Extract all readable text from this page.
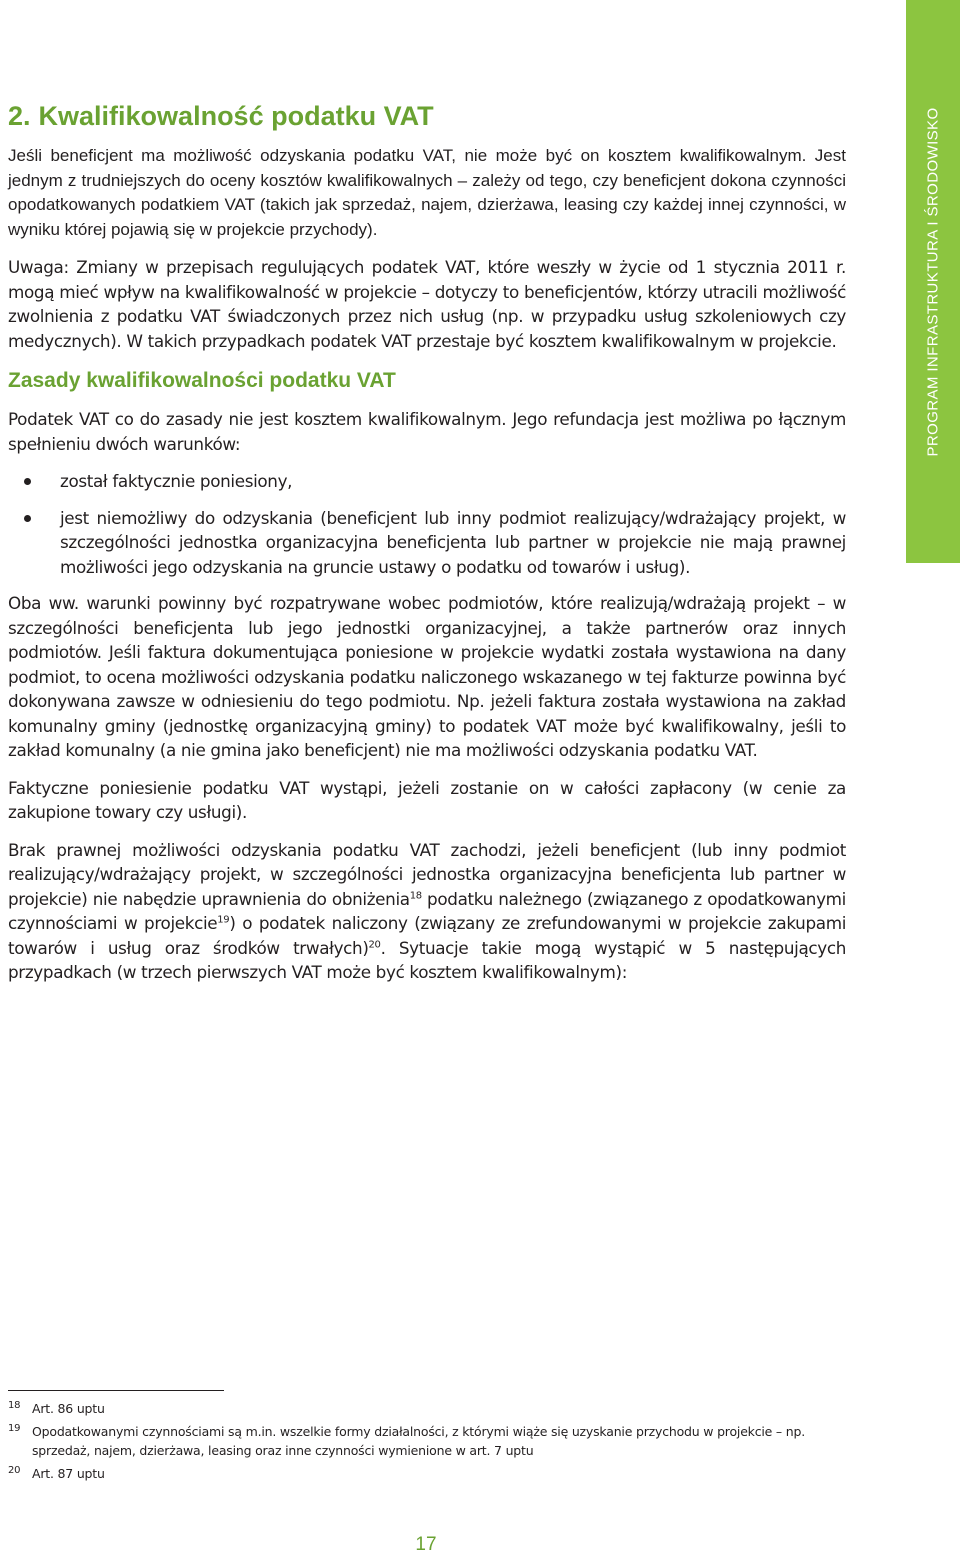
PROGRAM INFRASTRUKTURA I ŚRODOWISKO
2. Kwalifikowalność podatku VAT

Jeśli beneficjent ma możliwość odzyskania podatku VAT, nie może być on kosztem kwalifikowalnym. Jest jednym z trudniejszych do oceny kosztów kwalifikowalnych – zależy od tego, czy beneficjent dokona czynności opodatkowanych podatkiem VAT (takich jak sprzedaż, najem, dzierżawa, leasing czy każdej innej czynności, w wyniku której pojawią się w projekcie przychody).

Uwaga: Zmiany w przepisach regulujących podatek VAT, które weszły w życie od 1 stycznia 2011 r. mogą mieć wpływ na kwalifikowalność w projekcie – dotyczy to beneficjentów, którzy utracili możliwość zwolnienia z podatku VAT świadczonych przez nich usług (np. w przypadku usług szkoleniowych czy medycznych). W takich przypadkach podatek VAT przestaje być kosztem kwalifikowalnym w projekcie.

Zasady kwalifikowalności podatku VAT

Podatek VAT co do zasady nie jest kosztem kwalifikowalnym. Jego refundacja jest możliwa po łącznym spełnieniu dwóch warunków:

został faktycznie poniesiony,
jest niemożliwy do odzyskania (beneficjent lub inny podmiot realizujący/wdrażający projekt, w szczególności jednostka organizacyjna beneficjenta lub partner w projekcie nie mają prawnej możliwości jego odzyskania na gruncie ustawy o podatku od towarów i usług).

Oba ww. warunki powinny być rozpatrywane wobec podmiotów, które realizują/wdrażają projekt – w szczególności beneficjenta lub jego jednostki organizacyjnej, a także partnerów oraz innych podmiotów. Jeśli faktura dokumentująca poniesione w projekcie wydatki została wystawiona na dany podmiot, to ocena możliwości odzyskania podatku naliczonego wskazanego w tej fakturze powinna być dokonywana zawsze w odniesieniu do tego podmiotu. Np. jeżeli faktura została wystawiona na zakład komunalny gminy (jednostkę organizacyjną gminy) to podatek VAT może być kwalifikowalny, jeśli to zakład komunalny (a nie gmina jako beneficjent) nie ma możliwości odzyskania podatku VAT.

Faktyczne poniesienie podatku VAT wystąpi, jeżeli zostanie on w całości zapłacony (w cenie za zakupione towary czy usługi).

Brak prawnej możliwości odzyskania podatku VAT zachodzi, jeżeli beneficjent (lub inny podmiot realizujący/wdrażający projekt, w szczególności jednostka organizacyjna beneficjenta lub partner w projekcie) nie nabędzie uprawnienia do obniżenia$^{18}$ podatku należnego (związanego z opodatkowanymi czynnościami w projekcie$^{19}$) o podatek naliczony (związany ze zrefundowanymi w projekcie zakupami towarów i usług oraz środków trwałych)$^{20}$. Sytuacje takie mogą wystąpić w 5 następujących przypadkach (w trzech pierwszych VAT może być kosztem kwalifikowalnym):

18 Art. 86 uptu
19 Opodatkowanymi czynnościami są m.in. wszelkie formy działalności, z którymi wiąże się uzyskanie przychodu w projekcie – np. sprzedaż, najem, dzierżawa, leasing oraz inne czynności wymienione w art. 7 uptu
20 Art. 87 uptu
17
